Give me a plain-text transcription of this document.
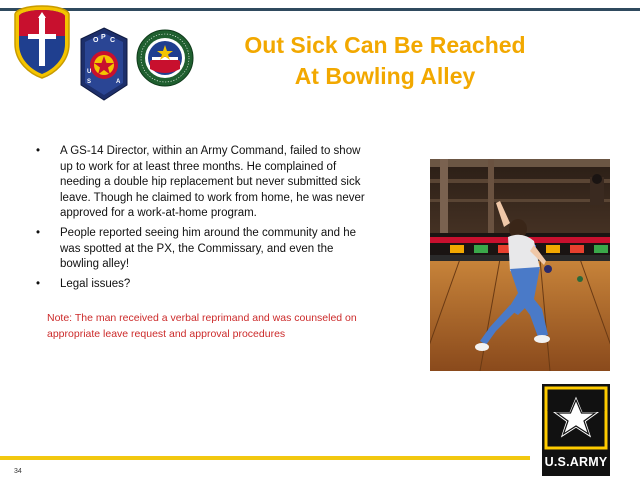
O P C
U
S	A
Out Sick Can Be Reached
At Bowling Alley
• A GS-14 Director, within an Army Command, failed to show up to work for at least three months. He complained of needing a double hip replacement but never submitted sick leave. Though he claimed to work from home, he was never approved for a work-at-home program.
• People reported seeing him around the community and he was spotted at the PX, the Commissary, and even the bowling alley!
• Legal issues?

Note: The man received a verbal reprimand and was counseled on appropriate leave request and approval procedures

34
U.S.ARMY
